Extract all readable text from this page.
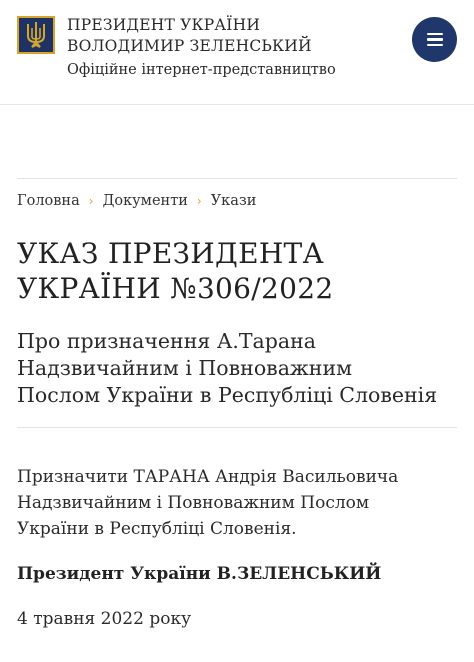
ПРЕЗИДЕНТ УКРАЇНИ
ВОЛОДИМИР ЗЕЛЕНСЬКИЙ
Офіційне інтернет-представництво
Головна › Документи › Укази
УКАЗ ПРЕЗИДЕНТА
УКРАЇНИ №306/2022
Про призначення А.Тарана
Надзвичайним і Повноважним
Послом України в Республіці Словенія
Призначити ТАРАНА Андрія Васильовича
Надзвичайним і Повноважним Послом
України в Республіці Словенія.
Президент України В.ЗЕЛЕНСЬКИЙ
4 травня 2022 року
